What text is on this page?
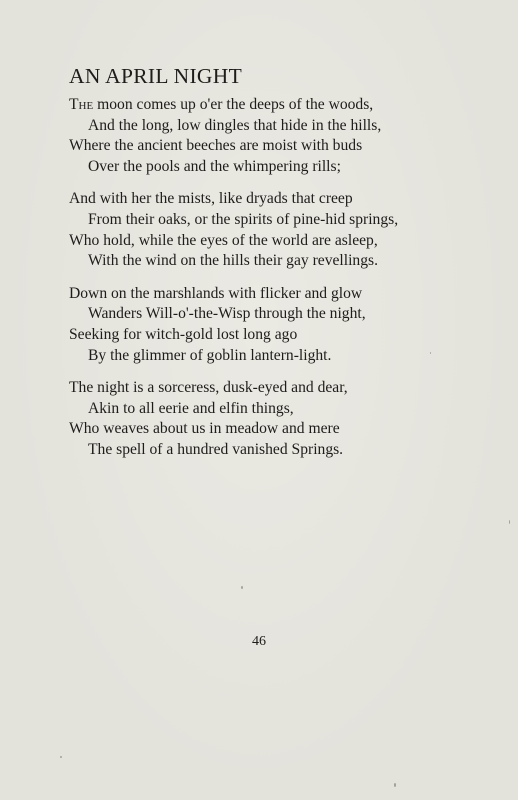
AN APRIL NIGHT
The moon comes up o'er the deeps of the woods,
And the long, low dingles that hide in the hills,
Where the ancient beeches are moist with buds
Over the pools and the whimpering rills;
And with her the mists, like dryads that creep
From their oaks, or the spirits of pine-hid springs,
Who hold, while the eyes of the world are asleep,
With the wind on the hills their gay revellings.
Down on the marshlands with flicker and glow
Wanders Will-o'-the-Wisp through the night,
Seeking for witch-gold lost long ago
By the glimmer of goblin lantern-light.
The night is a sorceress, dusk-eyed and dear,
Akin to all eerie and elfin things,
Who weaves about us in meadow and mere
The spell of a hundred vanished Springs.
46
